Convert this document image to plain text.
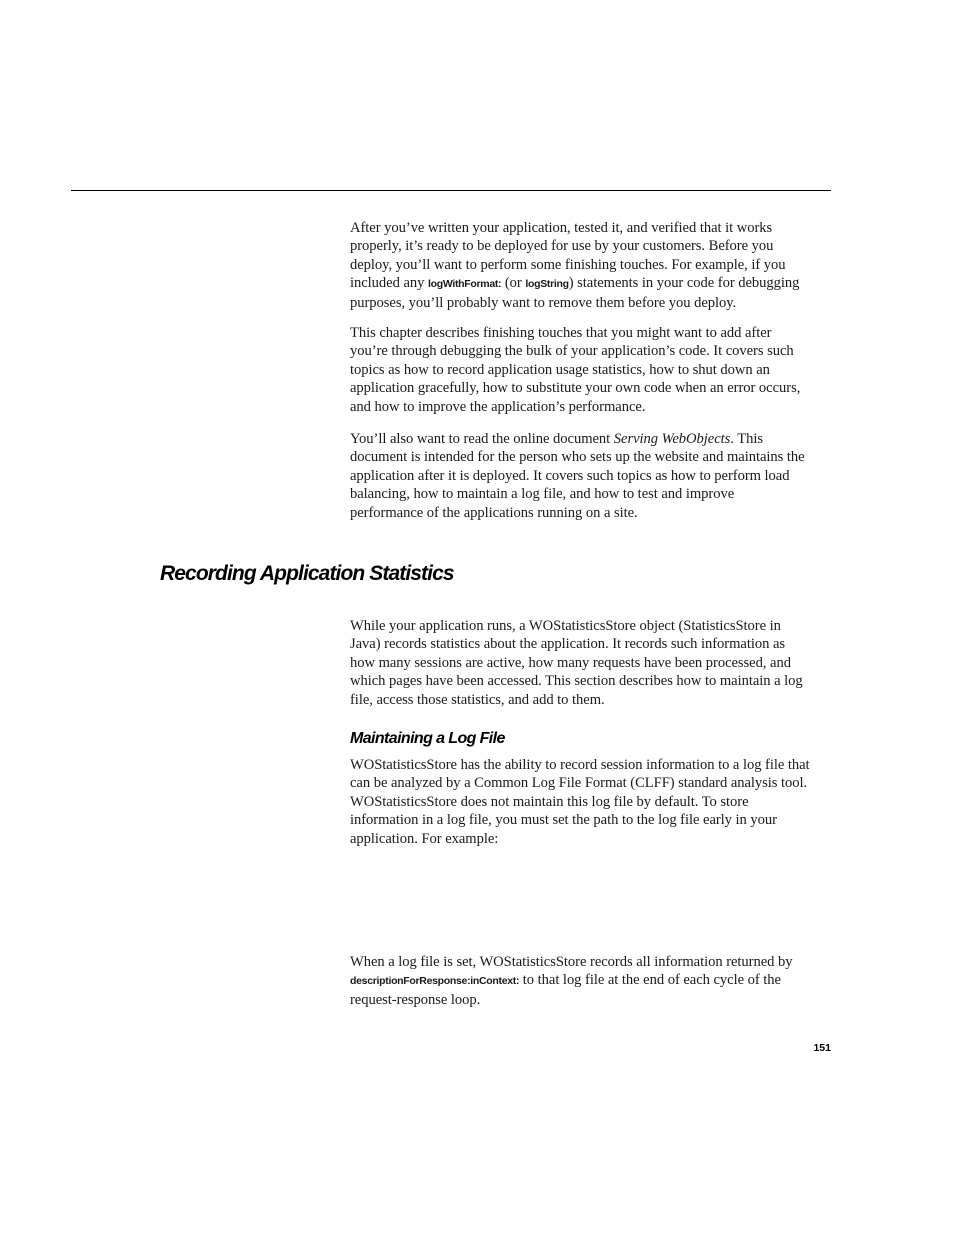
After you’ve written your application, tested it, and verified that it works properly, it’s ready to be deployed for use by your customers. Before you deploy, you’ll want to perform some finishing touches. For example, if you included any logWithFormat: (or logString) statements in your code for debugging purposes, you’ll probably want to remove them before you deploy.

This chapter describes finishing touches that you might want to add after you’re through debugging the bulk of your application’s code. It covers such topics as how to record application usage statistics, how to shut down an application gracefully, how to substitute your own code when an error occurs, and how to improve the application’s performance.

You’ll also want to read the online document Serving WebObjects. This document is intended for the person who sets up the website and maintains the application after it is deployed. It covers such topics as how to perform load balancing, how to maintain a log file, and how to test and improve performance of the applications running on a site.

Recording Application Statistics

While your application runs, a WOStatisticsStore object (StatisticsStore in Java) records statistics about the application. It records such information as how many sessions are active, how many requests have been processed, and which pages have been accessed. This section describes how to maintain a log file, access those statistics, and add to them.

Maintaining a Log File

WOStatisticsStore has the ability to record session information to a log file that can be analyzed by a Common Log File Format (CLFF) standard analysis tool. WOStatisticsStore does not maintain this log file by default. To store information in a log file, you must set the path to the log file early in your application. For example:

When a log file is set, WOStatisticsStore records all information returned by descriptionForResponse:inContext: to that log file at the end of each cycle of the request-response loop.

151
